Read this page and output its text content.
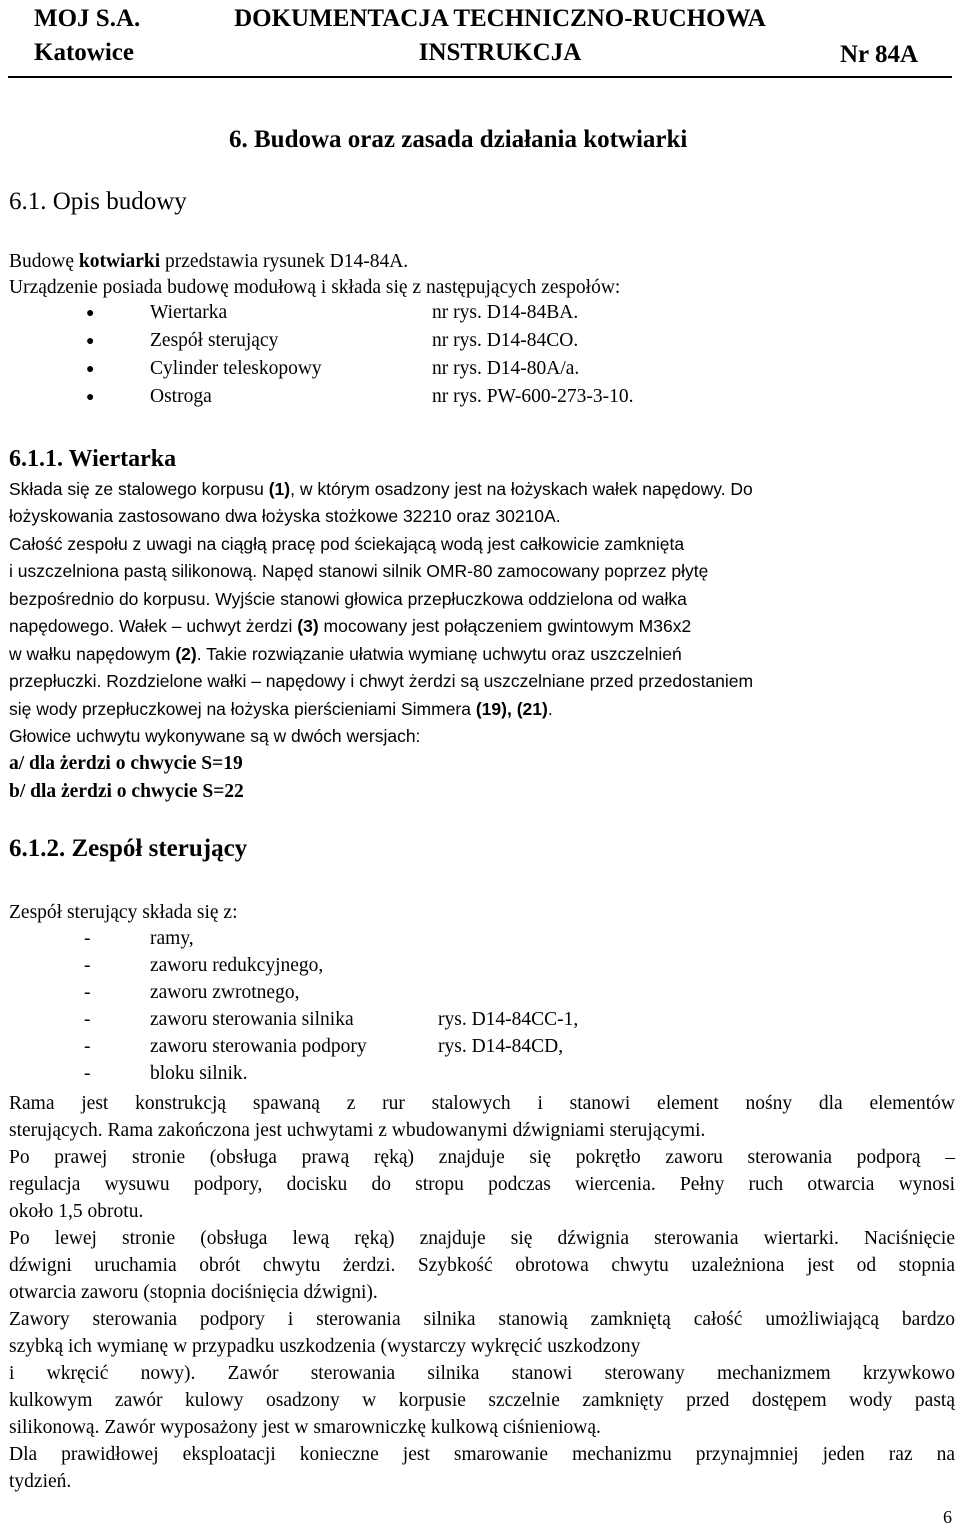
MOJ S.A.
Katowice
DOKUMENTACJA TECHNICZNO-RUCHOWA
INSTRUKCJA	Nr 84A
6. Budowa oraz zasada działania kotwiarki
6.1. Opis budowy
Budowę kotwiarki przedstawia rysunek D14-84A.
Urządzenie posiada budowę modułową i składa się z następujących zespołów:
●	Wiertarka	nr rys. D14-84BA.
●	Zespół sterujący	nr rys. D14-84CO.
●	Cylinder teleskopowy	nr rys. D14-80A/a.
●	Ostroga	nr rys. PW-600-273-3-10.
6.1.1. Wiertarka
Składa się ze stalowego korpusu (1), w którym osadzony jest na łożyskach wałek napędowy. Do
łożyskowania zastosowano dwa łożyska stożkowe 32210 oraz 30210A.
Całość zespołu z uwagi na ciągłą pracę pod ściekającą wodą jest całkowicie zamknięta
i uszczelniona pastą silikonową. Napęd stanowi silnik OMR-80 zamocowany poprzez płytę
bezpośrednio do korpusu. Wyjście stanowi głowica przepłuczkowa oddzielona od wałka
napędowego. Wałek – uchwyt żerdzi (3) mocowany jest połączeniem gwintowym M36x2
w wałku napędowym (2). Takie rozwiązanie ułatwia wymianę uchwytu oraz uszczelnień
przepłuczki. Rozdzielone wałki – napędowy i chwyt żerdzi są uszczelniane przed przedostaniem
się wody przepłuczkowej na łożyska pierścieniami Simmera (19), (21).
Głowice uchwytu wykonywane są w dwóch wersjach:
a/ dla żerdzi o chwycie S=19
b/ dla żerdzi o chwycie S=22
6.1.2. Zespół sterujący
Zespół sterujący składa się z:
-	ramy,
-	zaworu redukcyjnego,
-	zaworu zwrotnego,
-	zaworu sterowania silnika	rys. D14-84CC-1,
-	zaworu sterowania podpory	rys. D14-84CD,
-	bloku silnik.
Rama jest konstrukcją spawaną z rur stalowych i stanowi element nośny dla elementów
sterujących. Rama zakończona jest uchwytami z wbudowanymi dźwigniami sterującymi.
Po prawej stronie (obsługa prawą ręką) znajduje się pokrętło zaworu sterowania podporą –
regulacja wysuwu podpory, docisku do stropu podczas wiercenia. Pełny ruch otwarcia wynosi
około 1,5 obrotu.
Po lewej stronie (obsługa lewą ręką) znajduje się dźwignia sterowania wiertarki. Naciśnięcie
dźwigni uruchamia obrót chwytu żerdzi. Szybkość obrotowa chwytu uzależniona jest od stopnia
otwarcia zaworu (stopnia dociśnięcia dźwigni).
Zawory sterowania podpory i sterowania silnika stanowią zamkniętą całość umożliwiającą bardzo
szybką ich wymianę w przypadku uszkodzenia (wystarczy wykręcić uszkodzony
i wkręcić nowy). Zawór sterowania silnika stanowi sterowany mechanizmem krzywkowo
kulkowym zawór kulowy osadzony w korpusie szczelnie zamknięty przed dostępem wody pastą
silikonową. Zawór wyposażony jest w smarowniczkę kulkową ciśnieniową.
Dla prawidłowej eksploatacji konieczne jest smarowanie mechanizmu przynajmniej jeden raz na
tydzień.
6
